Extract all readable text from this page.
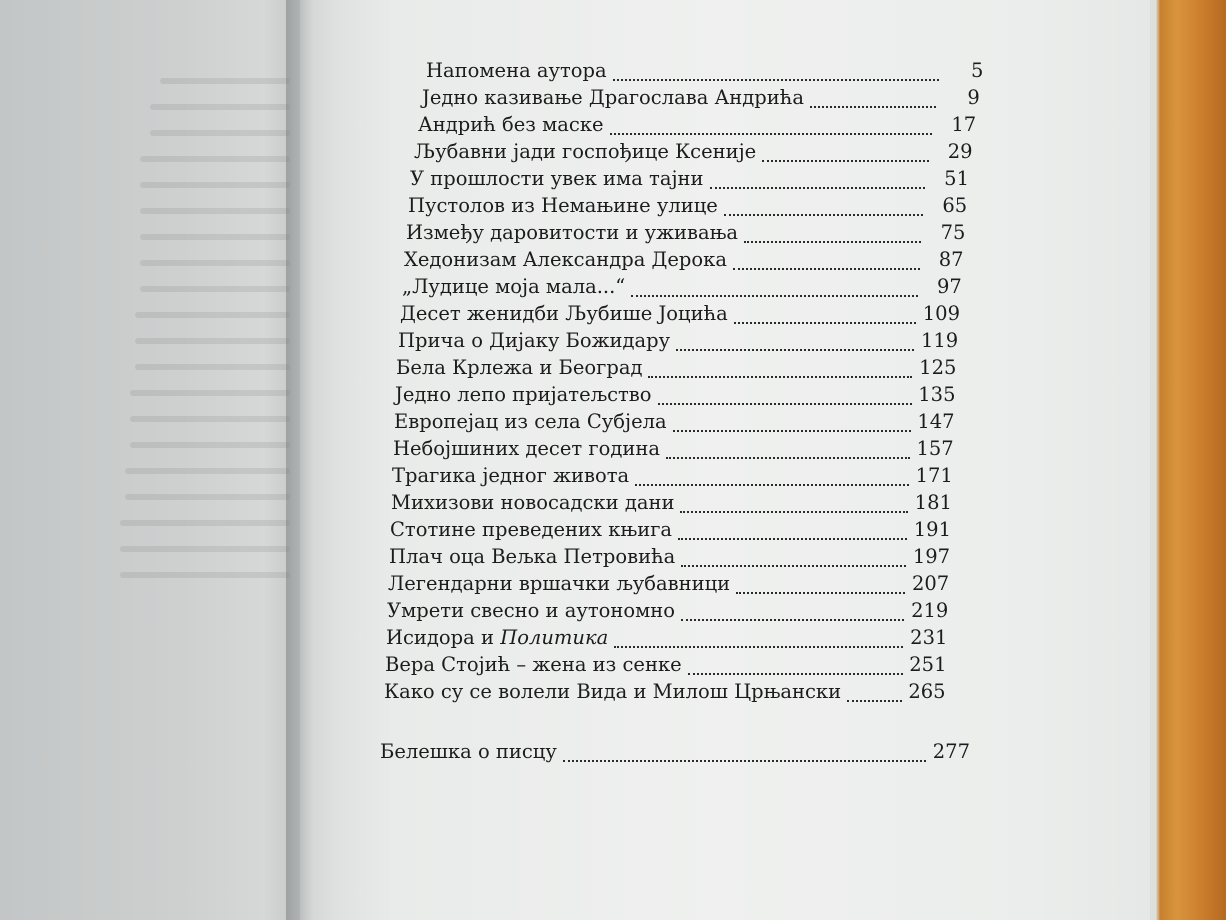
Напомена аутора	5
Једно казивање Драгослава Андрића	9
Андрић без маске	17
Љубавни јади госпођице Ксеније	29
У прошлости увек има тајни	51
Пустолов из Немањине улице	65
Између даровитости и уживања	75
Хедонизам Александра Дерока	87
„Лудице моја мала...“	97
Десет женидби Љубише Јоцића	109
Прича о Дијаку Божидару	119
Бела Крлежа и Београд	125
Једно лепо пријатељство	135
Европејац из села Субјела	147
Небојшиних десет година	157
Трагика једног живота	171
Михизови новосадски дани	181
Стотине преведених књига	191
Плач оца Вељка Петровића	197
Легендарни вршачки љубавници	207
Умрети свесно и аутономно	219
Исидора и Политика	231
Вера Стојић – жена из сенке	251
Како су се волели Вида и Милош Црњански	265
Белешка о писцу	277
